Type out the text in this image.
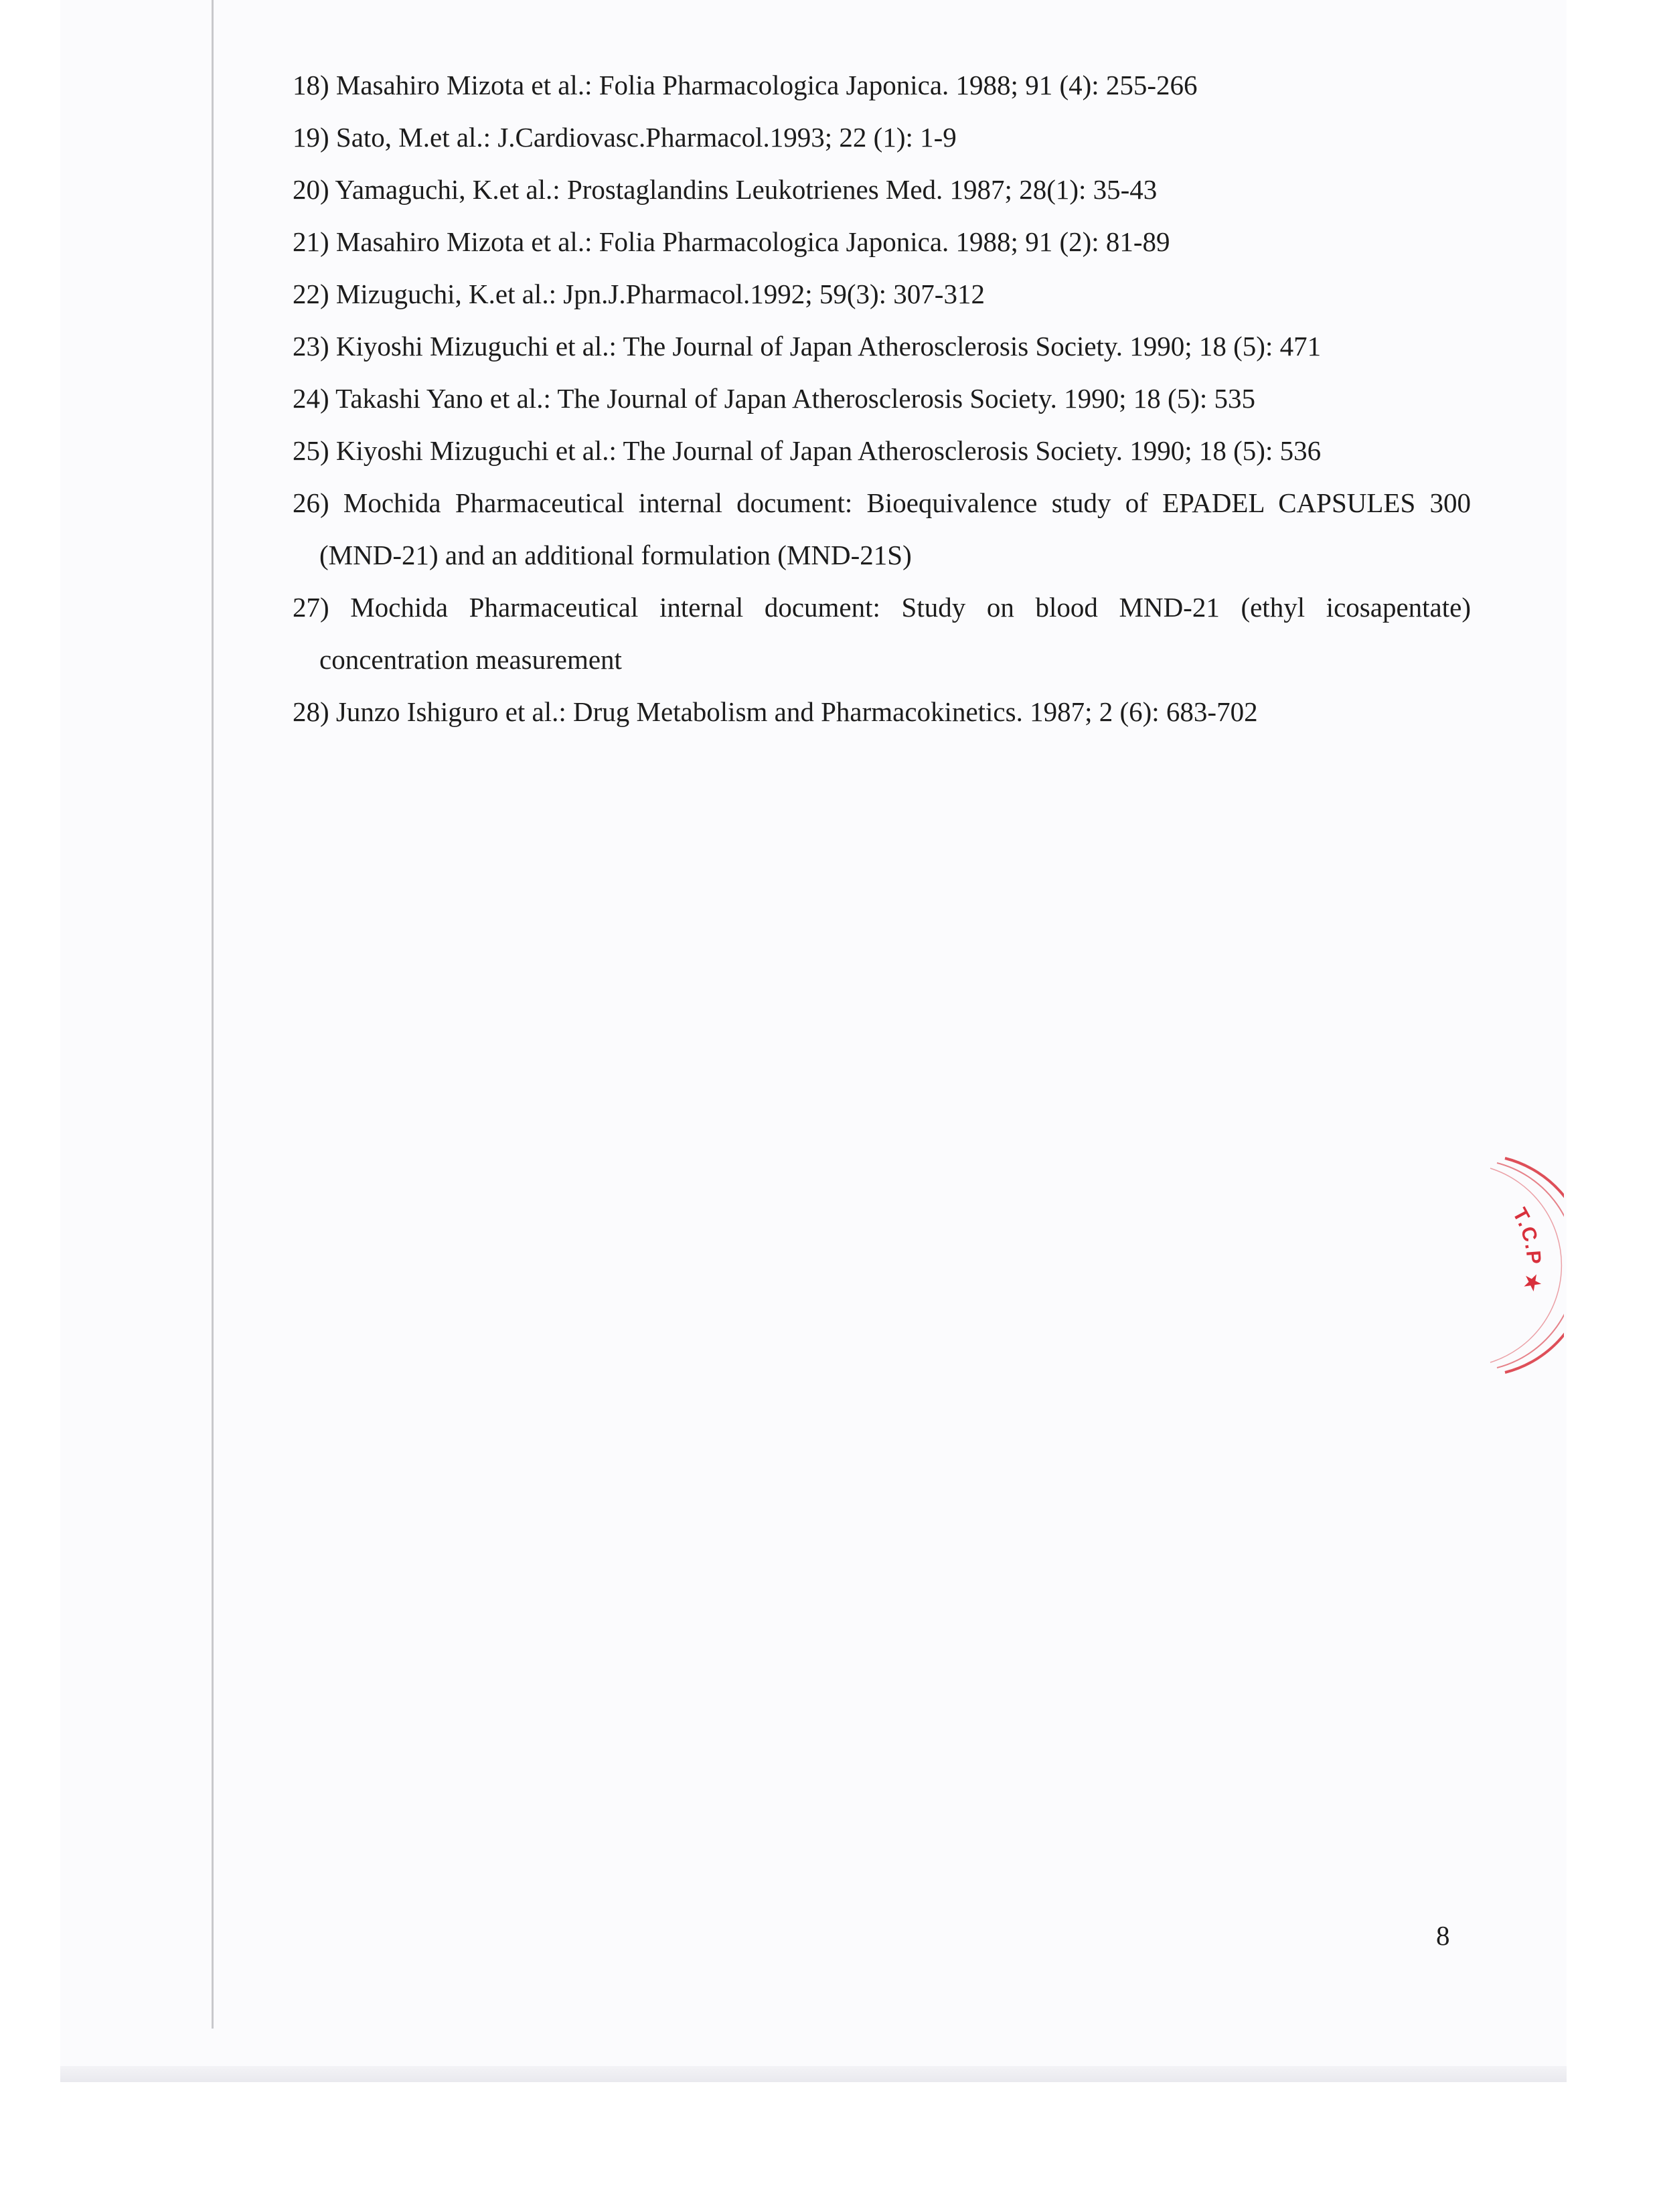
18) Masahiro Mizota et al.: Folia Pharmacologica Japonica. 1988; 91 (4): 255-266
19) Sato, M.et al.: J.Cardiovasc.Pharmacol.1993; 22 (1): 1-9
20) Yamaguchi, K.et al.: Prostaglandins Leukotrienes Med. 1987; 28(1): 35-43
21) Masahiro Mizota et al.: Folia Pharmacologica Japonica. 1988; 91 (2): 81-89
22) Mizuguchi, K.et al.: Jpn.J.Pharmacol.1992; 59(3): 307-312
23) Kiyoshi Mizuguchi et al.: The Journal of Japan Atherosclerosis Society. 1990; 18 (5): 471
24) Takashi Yano et al.: The Journal of Japan Atherosclerosis Society. 1990; 18 (5): 535
25) Kiyoshi Mizuguchi et al.: The Journal of Japan Atherosclerosis Society. 1990; 18 (5): 536
26) Mochida Pharmaceutical internal document: Bioequivalence study of EPADEL CAPSULES 300 (MND-21) and an additional formulation (MND-21S)
27) Mochida Pharmaceutical internal document: Study on blood MND-21 (ethyl icosapentate) concentration measurement
28) Junzo Ishiguro et al.: Drug Metabolism and Pharmacokinetics. 1987; 2 (6): 683-702
8
T.C.P ★
